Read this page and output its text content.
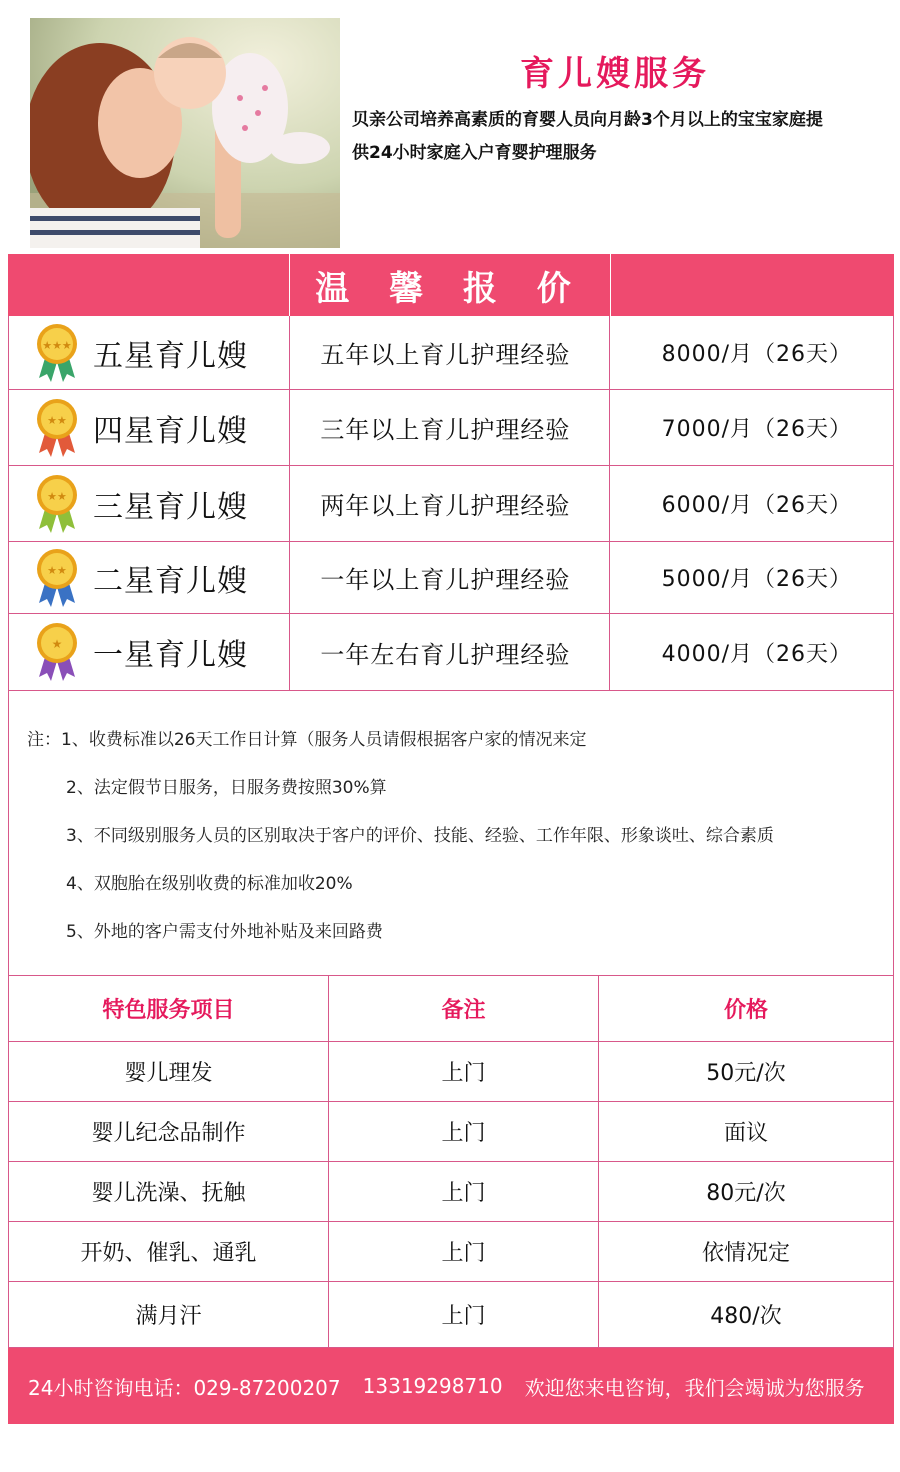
育儿嫂服务
贝亲公司培养高素质的育婴人员向月龄3个月以上的宝宝家庭提
供24小时家庭入户育婴护理服务
温 馨 报 价
★★★ 五星育儿嫂	五年以上育儿护理经验	8000/月（26天）
★★ 四星育儿嫂	三年以上育儿护理经验	7000/月（26天）
★★ 三星育儿嫂	两年以上育儿护理经验	6000/月（26天）
★★ 二星育儿嫂	一年以上育儿护理经验	5000/月（26天）
★ 一星育儿嫂	一年左右育儿护理经验	4000/月（26天）
注：1、收费标准以26天工作日计算（服务人员请假根据客户家的情况来定
2、法定假节日服务，日服务费按照30%算
3、不同级别服务人员的区别取决于客户的评价、技能、经验、工作年限、形象谈吐、综合素质
4、双胞胎在级别收费的标准加收20%
5、外地的客户需支付外地补贴及来回路费
特色服务项目	备注	价格
婴儿理发	上门	50元/次
婴儿纪念品制作	上门	面议
婴儿洗澡、抚触	上门	80元/次
开奶、催乳、通乳	上门	依情况定
满月汗	上门	480/次
24小时咨询电话：029-87200207 13319298710 欢迎您来电咨询，我们会竭诚为您服务
